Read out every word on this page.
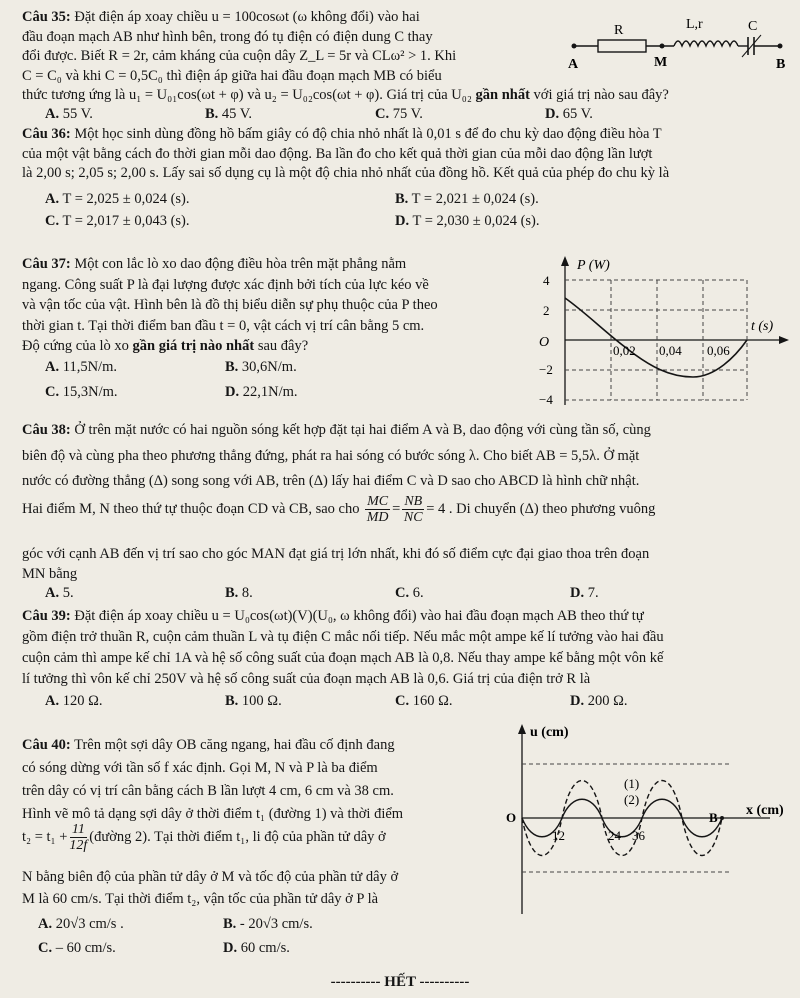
Câu 35: Đặt điện áp xoay chiều u = 100cosωt (ω không đổi) vào hai

đầu đoạn mạch AB như hình bên, trong đó tụ điện có điện dung C thay

đổi được. Biết R = 2r, cảm kháng của cuộn dây Z_L = 5r và CLω² > 1. Khi

C = C₀ và khi C = 0,5C₀ thì điện áp giữa hai đầu đoạn mạch MB có biểu

thức tương ứng là u₁ = U₀₁cos(ωt + φ) và u₂ = U₀₂cos(ωt + φ). Giá trị của U₀₂ gần nhất với giá trị nào sau đây?

A. 55 V.	B. 45 V.	C. 75 V.	D. 65 V.
R	L,r	C
A	M	B

Câu 36: Một học sinh dùng đồng hồ bấm giây có độ chia nhỏ nhất là 0,01 s để đo chu kỳ dao động điều hòa T

của một vật bằng cách đo thời gian mỗi dao động. Ba lần đo cho kết quả thời gian của mỗi dao động lần lượt

là 2,00 s; 2,05 s; 2,00 s. Lấy sai số dụng cụ là một độ chia nhỏ nhất của đồng hồ. Kết quả của phép đo chu kỳ là

A. T = 2,025 ± 0,024 (s).	B. T = 2,021 ± 0,024 (s).
C. T = 2,017 ± 0,043 (s).	D. T = 2,030 ± 0,024 (s).

Câu 37: Một con lắc lò xo dao động điều hòa trên mặt phẳng nằm

ngang. Công suất P là đại lượng được xác định bởi tích của lực kéo về

và vận tốc của vật. Hình bên là đồ thị biểu diễn sự phụ thuộc của P theo

thời gian t. Tại thời điểm ban đầu t = 0, vật cách vị trí cân bằng 5 cm.

Độ cứng của lò xo gần giá trị nào nhất sau đây?

A. 11,5N/m.	B. 30,6N/m.
C. 15,3N/m.	D. 22,1N/m.
P (W)
t (s)
O
4
2
−2
−4
0,02 0,04 0,06

Câu 38: Ở trên mặt nước có hai nguồn sóng kết hợp đặt tại hai điểm A và B, dao động với cùng tần số, cùng

biên độ và cùng pha theo phương thẳng đứng, phát ra hai sóng có bước sóng λ. Cho biết AB = 5,5λ. Ở mặt

nước có đường thẳng (Δ) song song với AB, trên (Δ) lấy hai điểm C và D sao cho ABCD là hình chữ nhật.

Hai điểm M, N theo thứ tự thuộc đoạn CD và CB, sao cho $\frac{MC}{MD} = \frac{NB}{NC} = 4$ . Di chuyển (Δ) theo phương vuông

góc với cạnh AB đến vị trí sao cho góc MAN đạt giá trị lớn nhất, khi đó số điểm cực đại giao thoa trên đoạn

MN bằng

A. 5.	B. 8.	C. 6.	D. 7.

Câu 39: Đặt điện áp xoay chiều u = U₀cos(ωt)(V)(U₀, ω không đổi) vào hai đầu đoạn mạch AB theo thứ tự

gồm điện trở thuần R, cuộn cảm thuần L và tụ điện C mắc nối tiếp. Nếu mắc một ampe kế lí tưởng vào hai đầu

cuộn cảm thì ampe kế chỉ 1A và hệ số công suất của đoạn mạch AB là 0,8. Nếu thay ampe kế bằng một vôn kế

lí tưởng thì vôn kế chỉ 250V và hệ số công suất của đoạn mạch AB là 0,6. Giá trị của điện trở R là

A. 120 Ω.	B. 100 Ω.	C. 160 Ω.	D. 200 Ω.

Câu 40: Trên một sợi dây OB căng ngang, hai đầu cố định đang

có sóng dừng với tần số f xác định. Gọi M, N và P là ba điểm

trên dây có vị trí cân bằng cách B lần lượt 4 cm, 6 cm và 38 cm.

Hình vẽ mô tả dạng sợi dây ở thời điểm t₁ (đường 1) và thời điểm

$t_2 = t_1 + \frac{11}{12f}$ (đường 2). Tại thời điểm t₁, li độ của phần tử dây ở

N bằng biên độ của phần tử dây ở M và tốc độ của phần tử dây ở

M là 60 cm/s. Tại thời điểm t₂, vận tốc của phần tử dây ở P là

A. 20√3 cm/s .	B. - 20√3 cm/s.
C. – 60 cm/s.	D. 60 cm/s.
u (cm)
x (cm)
O	B
12	24 36
(1)
(2)
---------- HẾT ----------
